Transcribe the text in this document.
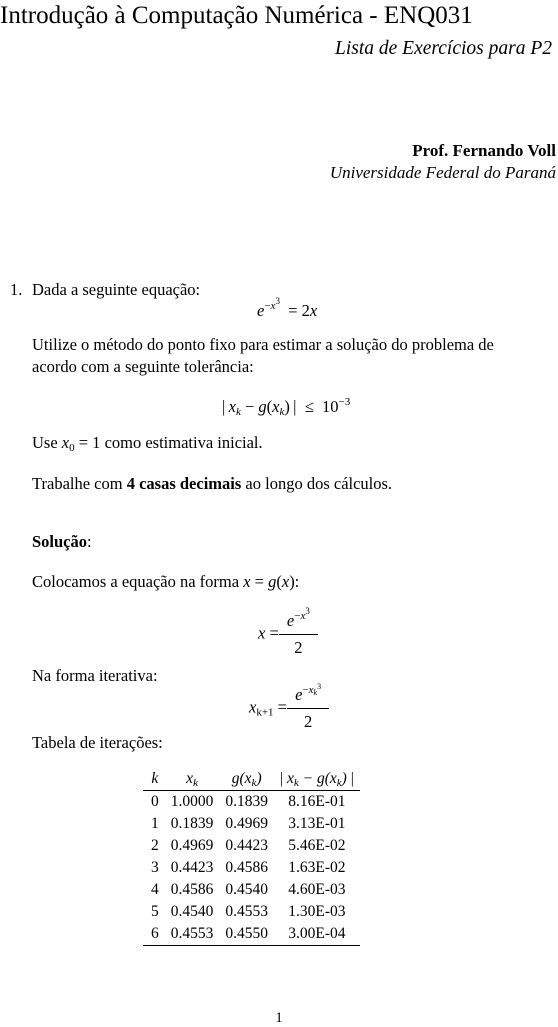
Introdução à Computação Numérica - ENQ031
Lista de Exercícios para P2
Prof. Fernando Voll
Universidade Federal do Paraná
1. Dada a seguinte equação:
$e^{-x^3} = 2x$
Utilize o método do ponto fixo para estimar a solução do problema de
acordo com a seguinte tolerância:
| $x_k - g(x_k)$ |  ≤  $10^{-3}$
Use $x_0 = 1$ como estimativa inicial.
Trabalhe com 4 casas decimais ao longo dos cálculos.
Solução:
Colocamos a equação na forma x = g(x):
$x = \frac{e^{-x^3}}{2}$
Na forma iterativa:
$x_{k+1} = \frac{e^{-x_k^3}}{2}$
Tabela de iterações:
k	$x_k$	$g(x_k)$	| $x_k - g(x_k)$ |
0	1.0000	0.1839	8.16E-01
1	0.1839	0.4969	3.13E-01
2	0.4969	0.4423	5.46E-02
3	0.4423	0.4586	1.63E-02
4	0.4586	0.4540	4.60E-03
5	0.4540	0.4553	1.30E-03
6	0.4553	0.4550	3.00E-04
1
